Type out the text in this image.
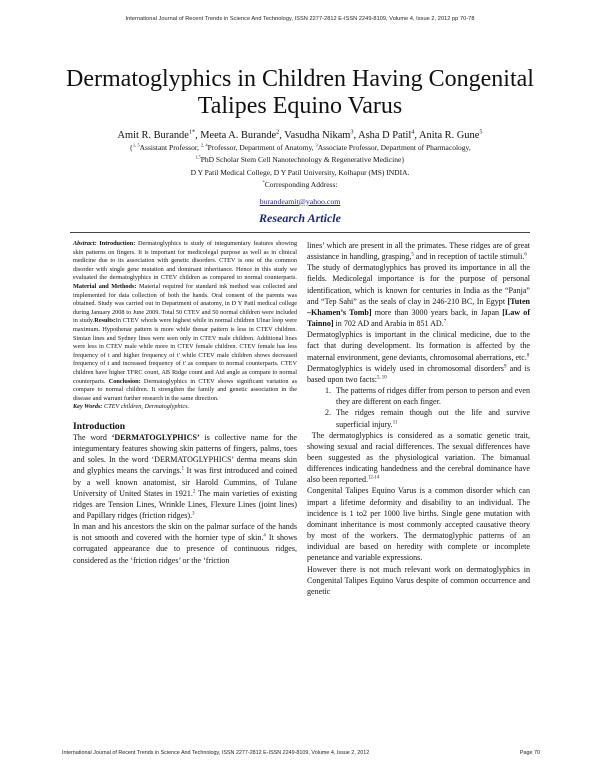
International Journal of Recent Trends in Science And Technology, ISSN 2277-2812 E-ISSN 2249-8109, Volume 4, Issue 2, 2012 pp 70-78
Dermatoglyphics in Children Having Congenital Talipes Equino Varus
Amit R. Burande$^{1*}$, Meeta A. Burande$^2$, Vasudha Nikam$^3$, Asha D Patil$^4$, Anita R. Gune$^5$
{$^{1, 5}$Assistant Professor, $^{2, 4}$Professor, Department of Anatomy, $^3$Associate Professor, Department of Pharmacology,
$^{1,5}$PhD Scholar Stem Cell Nanotechnology & Regenerative Medicine}
D Y Patil Medical College, D Y Patil University, Kolhapur (MS) INDIA.
*Corresponding Address:
burandeamit@yahoo.com
Research Article

Abstract: Introduction: Dermatoglyphics is study of integumentary features showing skin patterns on fingers. It is important for medicolegal purpose as well as in clinical medicine due to its association with genetic disorders. CTEV is one of the common disorder with single gene mutation and dominant inheritance. Hence in this study we evaluated the dermatoglyphics in CTEV children as compared to normal counterparts. Material and Methods: Material required for standard ink method was collected and implemented for data collection of both the hands. Oral consent of the parents was obtained. Study was carried out in Department of anatomy, in D Y Patil medical college during January 2008 to June 2009. Total 50 CTEV and 50 normal children were included in study.Results:In CTEV whorls were highest while in normal children Ulnar loop were maximum. Hypothenar pattern is more while thenar pattern is less in CTEV children. Simian lines and Sydney lines were seen only in CTEV male children. Additional lines were less in CTEV male while more in CTEV female children. CTEV female has less frequency of t and higher frequency of t' while CTEV male children shows decreased frequency of t and increased frequency of t' as compare to normal counterparts. CTEV children have higher TFRC count, AB Ridge count and Atd angle as compare to normal counterparts. Conclusion: Dermatoglyphics in CTEV shows significant variation as compare to normal children. It strengthen the family and genetic association in the disease and warrant further research in the same direction.

Key Words: CTEV children, Dermatoglyphics.

Introduction

The word ‘DERMATOGLYPHICS’ is collective name for the integumentary features showing skin patterns of fingers, palms, toes and soles. In the word ‘DERMATOGLYPHICS’ derma means skin and glyphics means the carvings.$^1$ It was first introduced and coined by a well known anatomist, sir Harold Cummins, of Tulane University of United States in 1921.$^2$ The main varieties of existing ridges are Tension Lines, Wrinkle Lines, Flexure Lines (joint lines) and Papillary ridges (friction ridges).$^3$

In man and his ancestors the skin on the palmar surface of the hands is not smooth and covered with the hornier type of skin.$^4$ It shows corrugated appearance due to presence of continuous ridges, considered as the ‘friction ridges’ or the ‘friction

lines’ which are present in all the primates. These ridges are of great assistance in handling, grasping,$^5$ and in reception of tactile stimuli.$^6$

The study of dermatoglyphics has proved its importance in all the fields. Medicolegal importance is for the purpose of personal identification, which is known for centuries in India as the “Panja” and “Tep Sahi” as the seals of clay in 246-210 BC, In Egypt [Tuten –Khamen’s Tomb] more than 3000 years back, in Japan [Law of Tainno] in 702 AD and Arabia in 851 AD.$^7$

Dermatoglyphics is important in the clinical medicine, due to the fact that during development. Its formation is affected by the maternal environment, gene deviants, chromosomal aberrations, etc.$^8$

Dermatoglyphics is widely used in chromosomal disorders$^9$ and is based upon two facts:$^{5, 10}$

1. The patterns of ridges differ from person to person and even they are different on each finger.
2. The ridges remain though out the life and survive superficial injury.$^{11}$

The dermatoglyphics is considered as a somatic genetic trait, showing sexual and racial differences. The sexual differences have been suggested as the physiological variation. The bimanual differences indicating handedness and the cerebral dominance have also been reported.$^{12-14}$

Congenital Talipes Equino Varus is a common disorder which can impart a lifetime deformity and disability to an individual. The incidence is 1 to2 per 1000 live births. Single gene mutation with dominant inheritance is most commonly accepted causative theory by most of the workers. The dermatoglyphic patterns of an individual are based on heredity with complete or incomplete penetance and variable expressions.

However there is not much relevant work on dermatoglyphics in Congenital Talipes Equino Varus despite of common occurrence and genetic

International Journal of Recent Trends in Science And Technology, ISSN 2277-2812 E-ISSN 2249-8109, Volume 4, Issue 2, 2012	Page 70
